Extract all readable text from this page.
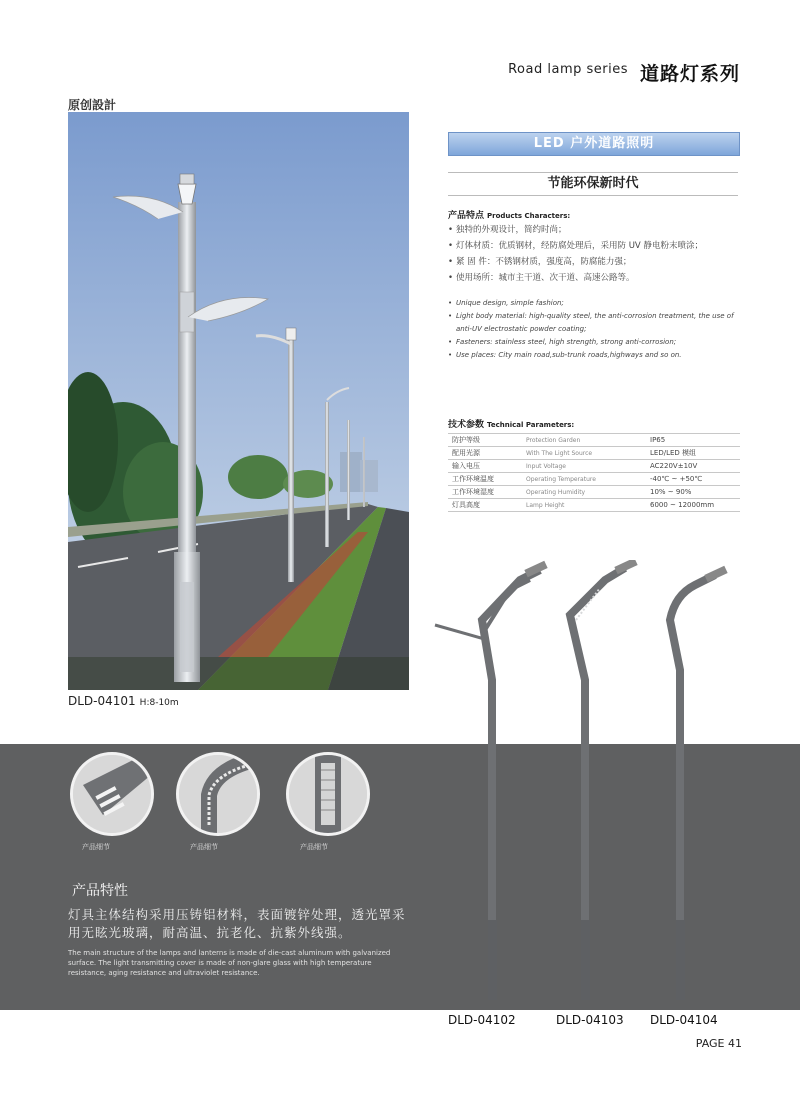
Road lamp series 道路灯系列
原创設計
DLD-04101 H:8-10m
LED 户外道路照明
节能环保新时代
产品特点 Products Characters:
• 独特的外观设计，简约时尚；
• 灯体材质：优质钢材，经防腐处理后，采用防 UV 静电粉末喷涂；
• 紧 固 件：不锈钢材质，强度高，防腐能力强；
• 使用场所：城市主干道、次干道、高速公路等。
• Unique design, simple fashion;
• Light body material: high-quality steel, the anti-corrosion treatment, the use of anti-UV electrostatic powder coating;
• Fasteners: stainless steel, high strength, strong anti-corrosion;
• Use places: City main road,sub-trunk roads,highways and so on.
技术参数 Technical Parameters:
防护等级	Protection Garden	IP65
配用光源	With The Light Source	LED/LED 模组
输入电压	Input Voltage	AC220V±10V
工作环境温度	Operating Temperature	-40℃ ~ +50℃
工作环境湿度	Operating Humidity	10% ~ 90%
灯具高度	Lamp Height	6000 ~ 12000mm
产品细节	产品细节	产品细节
产品特性
灯具主体结构采用压铸铝材料，表面镀锌处理，透光罩采用无眩光玻璃，耐高温、抗老化、抗紫外线强。
The main structure of the lamps and lanterns is made of die-cast aluminum with galvanized surface. The light transmitting cover is made of non-glare glass with high temperature resistance, aging resistance and ultraviolet resistance.
DLD-04102	DLD-04103 DLD-04104
PAGE 41
